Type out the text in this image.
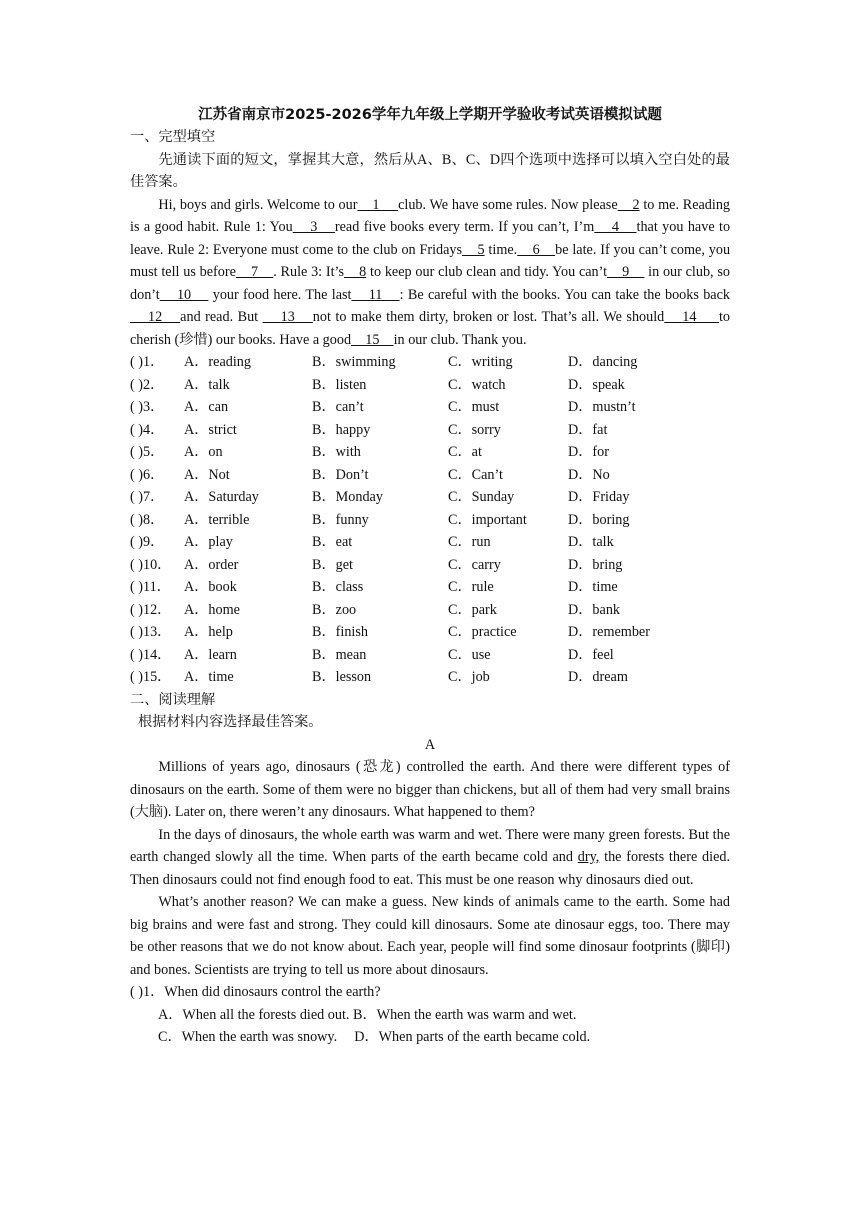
江苏省南京市2025-2026学年九年级上学期开学验收考试英语模拟试题
一、完型填空
先通读下面的短文，掌握其大意，然后从A、B、C、D四个选项中选择可以填入空白处的最佳答案。
Hi, boys and girls. Welcome to our    1     club. We have some rules. Now please    2 to me. Reading is a good habit. Rule 1: You    3    read five books every term. If you can’t, I’m    4    that you have to leave. Rule 2: Everyone must come to the club on Fridays    5 time.    6    be late. If you can’t come, you must tell us before    7    . Rule 3: It’s    8 to keep our club clean and tidy. You can’t    9     in our club, so don’t    10     your food here. The last    11    : Be careful with the books. You can take the books back    12    and read. But     13    not to make them dirty, broken or lost. That’s all. We should    14     to cherish (珍惜) our books. Have a good    15    in our club. Thank you.
( )1．	A．reading	B．swimming	C．writing	D．dancing
( )2．	A．talk	B．listen	C．watch	D．speak
( )3．	A．can	B．can’t	C．must	D．mustn’t
( )4．	A．strict	B．happy	C．sorry	D．fat
( )5．	A．on	B．with	C．at	D．for
( )6．	A．Not	B．Don’t	C．Can’t	D．No
( )7．	A．Saturday	B．Monday	C．Sunday	D．Friday
( )8．	A．terrible	B．funny	C．important	D．boring
( )9．	A．play	B．eat	C．run	D．talk
( )10． A．order	B．get	C．carry	D．bring
( )11． A．book	B．class	C．rule	D．time
( )12． A．home	B．zoo	C．park	D．bank
( )13． A．help	B．finish	C．practice	D．remember
( )14． A．learn	B．mean	C．use	D．feel
( )15． A．time	B．lesson	C．job	D．dream
二、阅读理解
根据材料内容选择最佳答案。
A
Millions of years ago, dinosaurs (恐龙) controlled the earth. And there were different types of dinosaurs on the earth. Some of them were no bigger than chickens, but all of them had very small brains (大脑). Later on, there weren’t any dinosaurs. What happened to them?
In the days of dinosaurs, the whole earth was warm and wet. There were many green forests. But the earth changed slowly all the time. When parts of the earth became cold and dry, the forests there died. Then dinosaurs could not find enough food to eat. This must be one reason why dinosaurs died out.
What’s another reason? We can make a guess. New kinds of animals came to the earth. Some had big brains and were fast and strong. They could kill dinosaurs. Some ate dinosaur eggs, too. There may be other reasons that we do not know about. Each year, people will find some dinosaur footprints (脚印) and bones. Scientists are trying to tell us more about dinosaurs.
( )1．When did dinosaurs control the earth?
A．When all the forests died out. B．When the earth was warm and wet.
C．When the earth was snowy. D．When parts of the earth became cold.
